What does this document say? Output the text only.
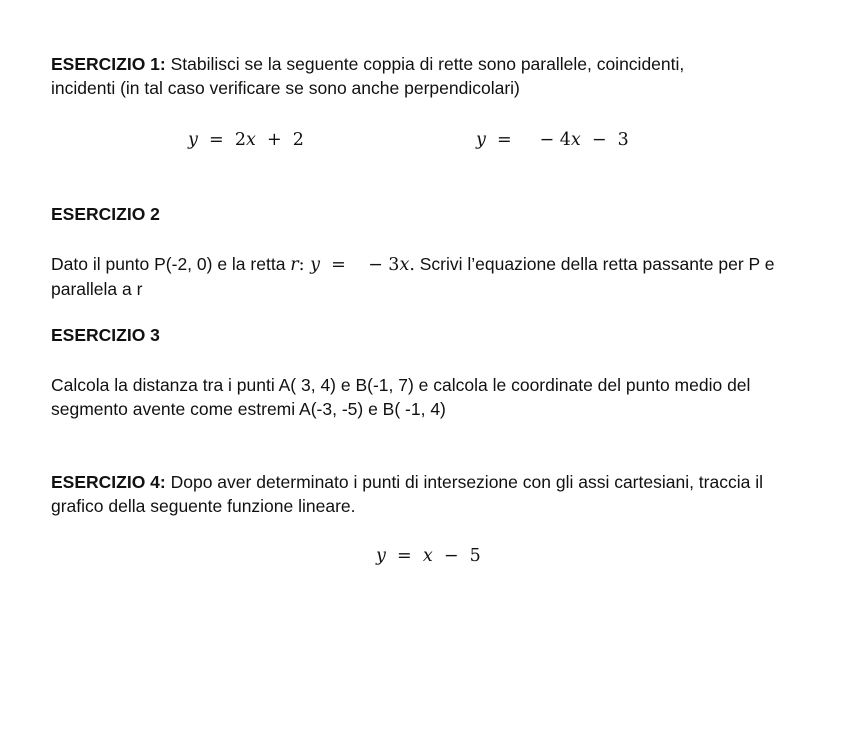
ESERCIZIO 1: Stabilisci se la seguente coppia di rette sono parallele, coincidenti,
incidenti (in tal caso verificare se sono anche perpendicolari)
y  =  2x  +  2	y  =     − 4x  −  3
ESERCIZIO 2
Dato il punto P(-2, 0) e la retta r: y  =    − 3x. Scrivi l’equazione della retta passante per P e
parallela a r
ESERCIZIO 3
Calcola la distanza tra i punti A( 3, 4) e B(-1, 7) e calcola le coordinate del punto medio del
segmento avente come estremi A(-3, -5) e B( -1, 4)
ESERCIZIO 4: Dopo aver determinato i punti di intersezione con gli assi cartesiani, traccia il
grafico della seguente funzione lineare.
y  =  x  −  5
